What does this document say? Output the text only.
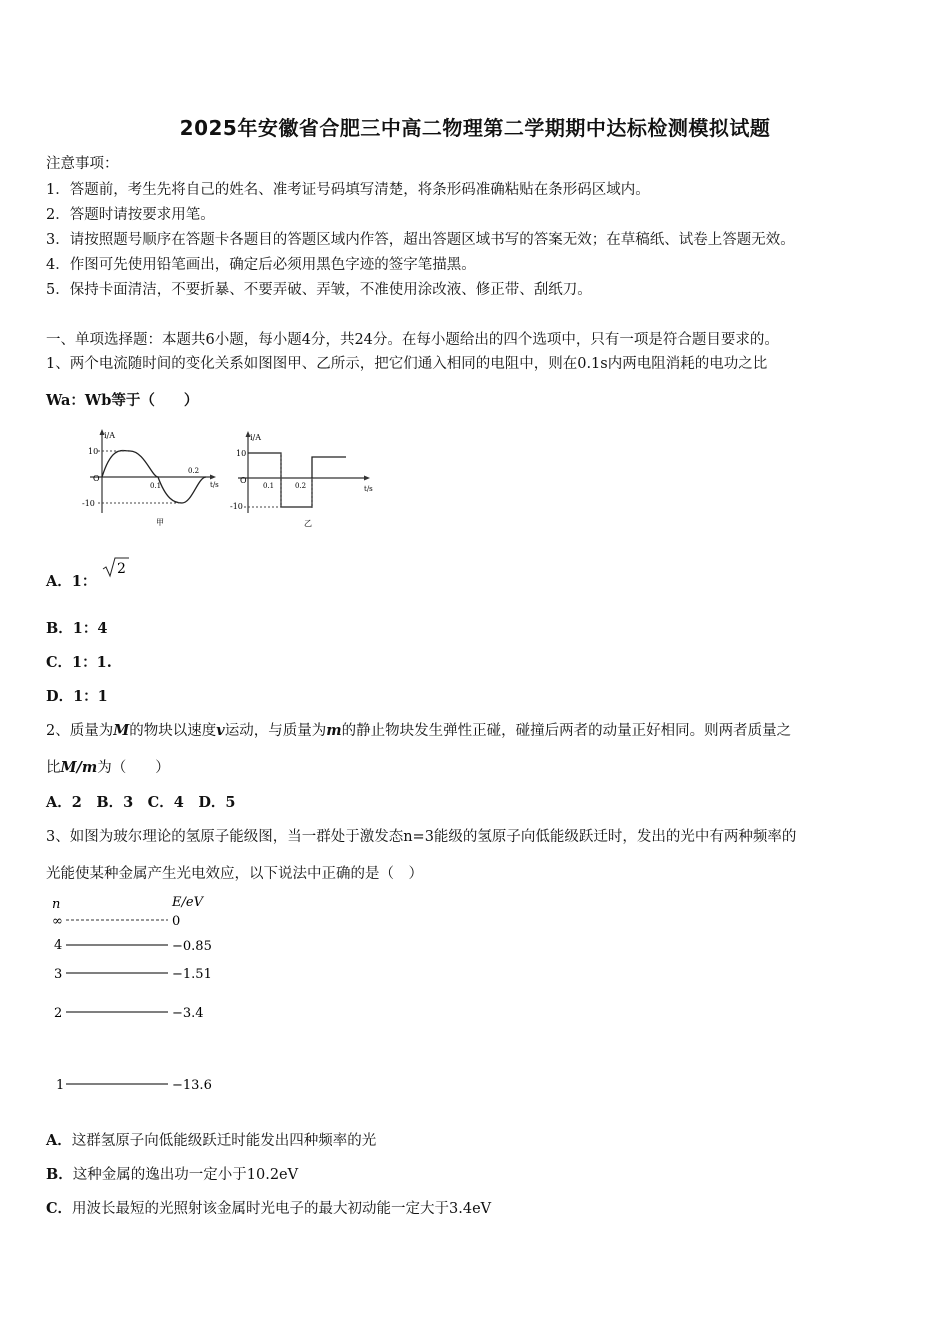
2025年安徽省合肥三中高二物理第二学期期中达标检测模拟试题
注意事项：
1．答题前，考生先将自己的姓名、准考证号码填写清楚，将条形码准确粘贴在条形码区域内。
2．答题时请按要求用笔。
3．请按照题号顺序在答题卡各题目的答题区域内作答，超出答题区域书写的答案无效；在草稿纸、试卷上答题无效。
4．作图可先使用铅笔画出，确定后必须用黑色字迹的签字笔描黑。
5．保持卡面清洁，不要折暴、不要弄破、弄皱，不准使用涂改液、修正带、刮纸刀。
一、单项选择题：本题共6小题，每小题4分，共24分。在每小题给出的四个选项中，只有一项是符合题目要求的。
1、两个电流随时间的变化关系如图图甲、乙所示，把它们通入相同的电阻中，则在0.1s内两电阻消耗的电功之比
Wa：Wb等于（　　）
i/A
10
-10
O
0.1
0.2
t/s
甲
i/A
10
-10
O
0.1	0.2	t/s
乙
A．1：
2
B．1：4
C．1：1.
D．1：1
2、质量为M的物块以速度v运动，与质量为m的静止物块发生弹性正碰，碰撞后两者的动量正好相同。则两者质量之
比M/m为（　　）
A．2　B．3　C．4　D．5
3、如图为玻尔理论的氢原子能级图，当一群处于激发态n=3能级的氢原子向低能级跃迁时，发出的光中有两种频率的
光能使某种金属产生光电效应，以下说法中正确的是（　）
n	E/eV
∞	0
4	−0.85
3	−1.51
2	−3.4
1	−13.6
A．这群氢原子向低能级跃迁时能发出四种频率的光
B．这种金属的逸出功一定小于10.2eV
C．用波长最短的光照射该金属时光电子的最大初动能一定大于3.4eV
